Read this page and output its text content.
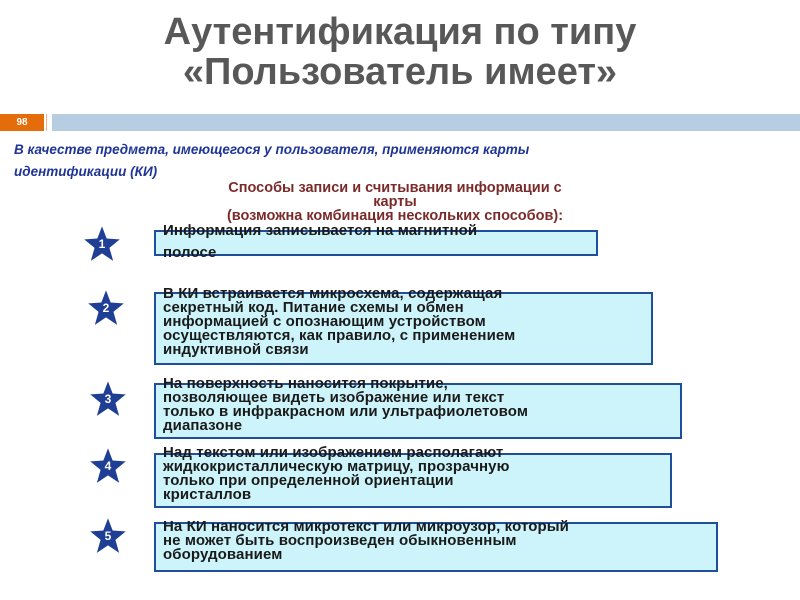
Аутентификация по типу
«Пользователь имеет»
98
В качестве предмета, имеющегося у пользователя, применяются карты
идентификации (КИ)
Способы записи и считывания информации с
карты
(возможна комбинация нескольких способов):
1
Информация записывается на магнитной
полосе
2
В КИ встраивается микросхема, содержащая
секретный код. Питание схемы и обмен
информацией с опознающим устройством
осуществляются, как правило, с применением
индуктивной связи
3
На поверхность наносится покрытие,
позволяющее видеть изображение или текст
только в инфракрасном или ультрафиолетовом
диапазоне
4
Над текстом или изображением располагают
жидкокристаллическую матрицу, прозрачную
только при определенной ориентации
кристаллов
5
На КИ наносится микротекст или микроузор, который
не может быть воспроизведен обыкновенным
оборудованием
